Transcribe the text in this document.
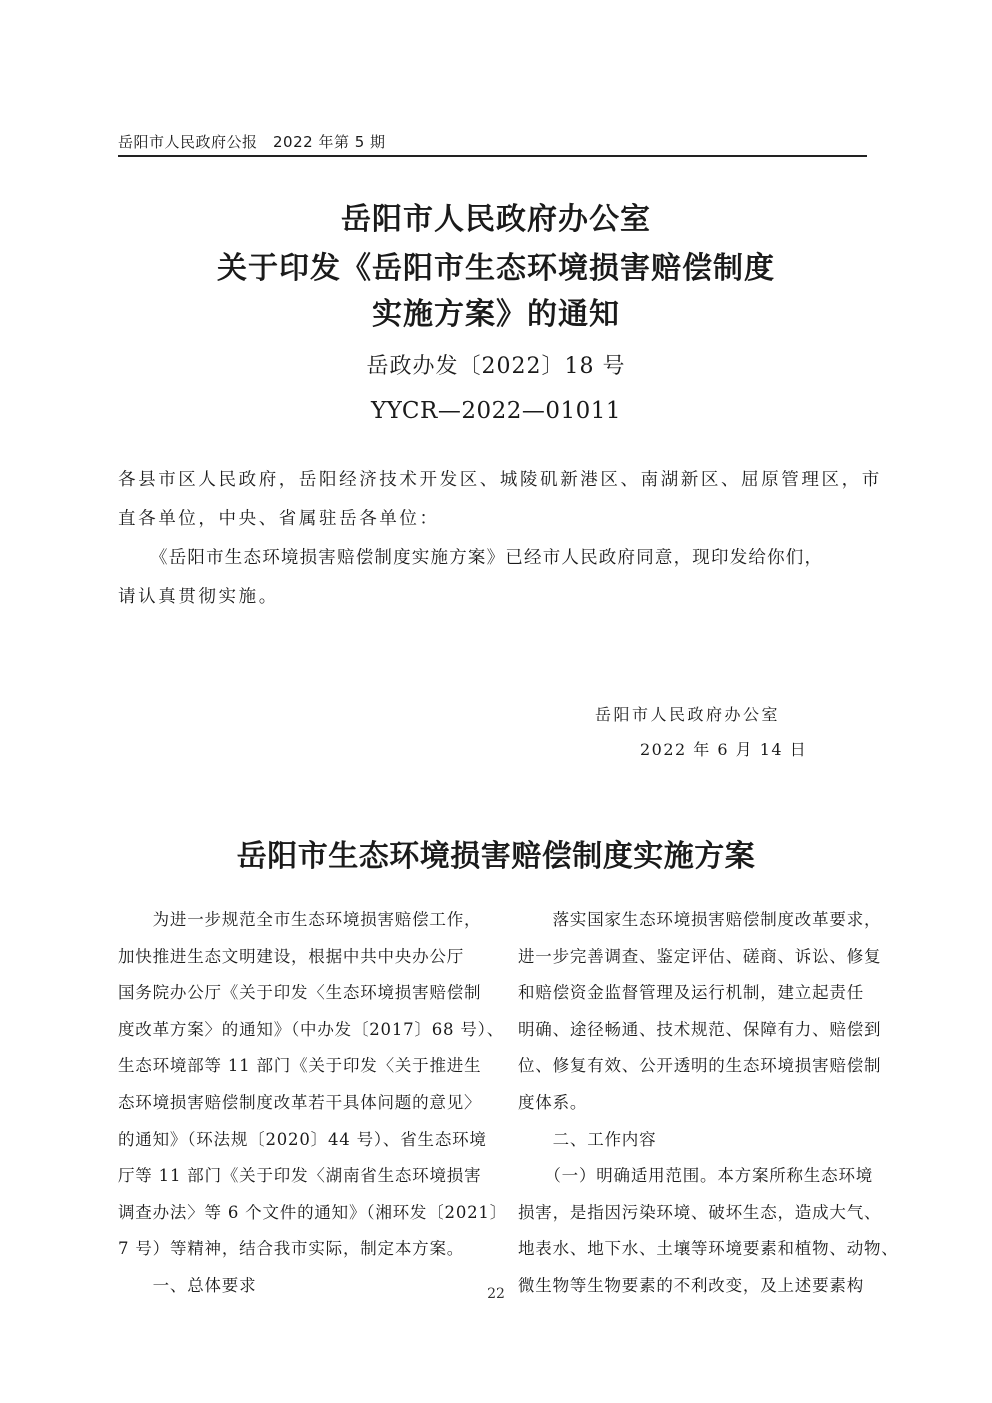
岳阳市人民政府公报　2022 年第 5 期
岳阳市人民政府办公室
关于印发《岳阳市生态环境损害赔偿制度
实施方案》的通知
岳政办发〔2022〕18 号
YYCR—2022—01011
各县市区人民政府，岳阳经济技术开发区、城陵矶新港区、南湖新区、屈原管理区，市
直各单位，中央、省属驻岳各单位：
《岳阳市生态环境损害赔偿制度实施方案》已经市人民政府同意，现印发给你们，
请认真贯彻实施。
岳阳市人民政府办公室
2022 年 6 月 14 日
岳阳市生态环境损害赔偿制度实施方案
　　为进一步规范全市生态环境损害赔偿工作，
加快推进生态文明建设，根据中共中央办公厅
国务院办公厅《关于印发〈生态环境损害赔偿制
度改革方案〉的通知》（中办发〔2017〕68 号）、
生态环境部等 11 部门《关于印发〈关于推进生
态环境损害赔偿制度改革若干具体问题的意见〉
的通知》（环法规〔2020〕44 号）、省生态环境
厅等 11 部门《关于印发〈湖南省生态环境损害
调查办法〉等 6 个文件的通知》（湘环发〔2021〕
7 号）等精神，结合我市实际，制定本方案。
　　一、总体要求
　　落实国家生态环境损害赔偿制度改革要求，
进一步完善调查、鉴定评估、磋商、诉讼、修复
和赔偿资金监督管理及运行机制，建立起责任
明确、途径畅通、技术规范、保障有力、赔偿到
位、修复有效、公开透明的生态环境损害赔偿制
度体系。
　　二、工作内容
　　（一）明确适用范围。本方案所称生态环境
损害，是指因污染环境、破坏生态，造成大气、
地表水、地下水、土壤等环境要素和植物、动物、
微生物等生物要素的不利改变，及上述要素构
22
